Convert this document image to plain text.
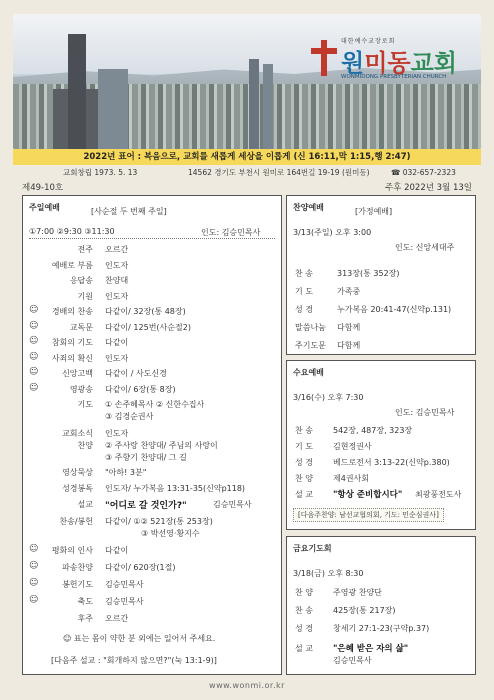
대한예수교장로회
원미동교회
WONMIDONG PRESBYTERIAN CHURCH
2022년 표어 : 복음으로, 교회를 새롭게 세상을 이롭게 (신 16:11,막 1:15,행 2:47)
교회창립 1973. 5. 13	14562 경기도 부천시 원미로 164번길 19-19 (원미동)	☎ 032-657-2323
제49-10호	주후 2022년 3월 13일
주일예배	[사순절 두 번째 주일]
①7:00 ②9:30 ③11:30	인도: 김승민목사
전주 오르간
예배로 부름 인도자
응답송 찬양대
기원 인도자
☺	경배의 찬송 다같이/ 32장(통 48장)
☺	교독문 다같이/ 125번(사순절2)
☺	참회의 기도 다같이
☺	사죄의 확신 인도자
☺	신앙고백 다같이 / 사도신경
☺	영광송 다같이/ 6장(통 8장)
기도 ① 손주혜목사 ② 신한수집사
③ 김경순권사
교회소식 인도자
찬양 ② 주사랑 찬양대/ 주님의 사랑이
③ 주향기 찬양대/ 그 길
영상묵상 "아하! 3분"
성경봉독 인도자/ 누가복음 13:31-35(신약p118)
설교 "어디로 갈 것인가?"	김승민목사
찬송/봉헌 다같이/ ①② 521장(통 253장)
③ 박선영·황지수
☺	평화의 인사 다같이
☺	파송찬양 다같이/ 620장(1절)
☺	봉헌기도 김승민목사
☺	축도 김승민목사
후주 오르간
☺ 표는 몸이 약한 분 외에는 일어서 주세요.
[다음주 설교 : "회개하지 않으면?"(눅 13:1-9)]
찬양예배	[가정예배]
3/13(주일) 오후 3:00
인도: 신앙세대주
찬 송	313장(통 352장)
기 도	가족중
성 경	누가복음 20:41-47(신약p.131)
말씀나눔 다함께
주기도문 다함께
수요예배
3/16(수) 오후 7:30
인도: 김승민목사
찬 송	542장, 487장, 323장
기 도	김현정권사
성 경	베드로전서 3:13-22(신약p.380)
찬 양	제4권사회
설 교 "항상 준비합시다" 최광풍전도사
[다음주찬양: 남선교협의회, 기도: 민순심권사]
금요기도회
3/18(금) 오후 8:30
찬 양	주영광 찬양단
찬 송	425장(통 217장)
성 경	창세기 27:1-23(구약p.37)
설 교 "은혜 받은 자의 삶"
김승민목사
www.wonmi.or.kr
